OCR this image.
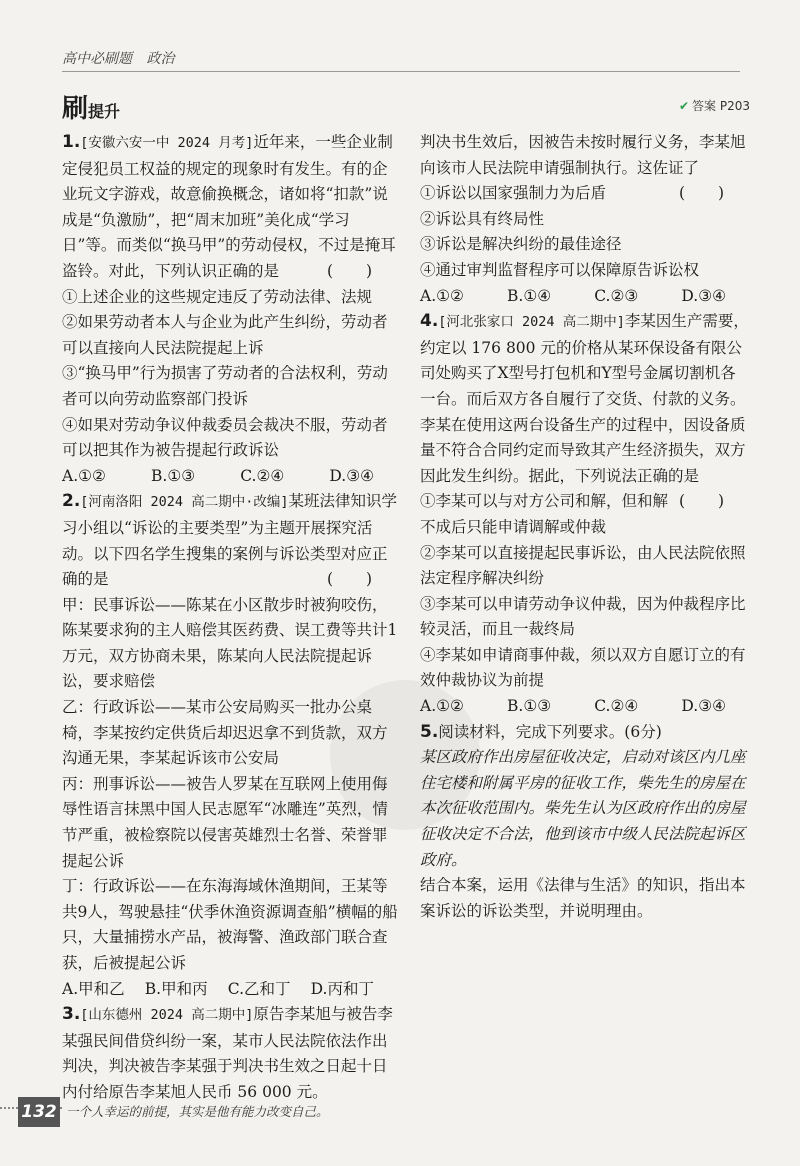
高中必刷题 政治
刷提升	✔ 答案 P203
1.[安徽六安一中 2024 月考]近年来，一些企业制定侵犯员工权益的规定的现象时有发生。有的企业玩文字游戏，故意偷换概念，诸如将“扣款”说成是“负激励”，把“周末加班”美化成“学习日”等。而类似“换马甲”的劳动侵权，不过是掩耳盗铃。对此，下列认识正确的是	( )
①上述企业的这些规定违反了劳动法律、法规
②如果劳动者本人与企业为此产生纠纷，劳动者可以直接向人民法院提起上诉
③“换马甲”行为损害了劳动者的合法权利，劳动者可以向劳动监察部门投诉
④如果对劳动争议仲裁委员会裁决不服，劳动者可以把其作为被告提起行政诉讼
A.①②	B.①③	C.②④	D.③④
2.[河南洛阳 2024 高二期中·改编]某班法律知识学习小组以“诉讼的主要类型”为主题开展探究活动。以下四名学生搜集的案例与诉讼类型对应正确的是	( )
甲：民事诉讼——陈某在小区散步时被狗咬伤，陈某要求狗的主人赔偿其医药费、误工费等共计1万元，双方协商未果，陈某向人民法院提起诉讼，要求赔偿
乙：行政诉讼——某市公安局购买一批办公桌椅，李某按约定供货后却迟迟拿不到货款，双方沟通无果，李某起诉该市公安局
丙：刑事诉讼——被告人罗某在互联网上使用侮辱性语言抹黑中国人民志愿军“冰雕连”英烈，情节严重，被检察院以侵害英雄烈士名誉、荣誉罪提起公诉
丁：行政诉讼——在东海海域休渔期间，王某等共9人，驾驶悬挂“伏季休渔资源调查船”横幅的船只，大量捕捞水产品，被海警、渔政部门联合查获，后被提起公诉
A.甲和乙 B.甲和丙 C.乙和丁 D.丙和丁
3.[山东德州 2024 高二期中]原告李某旭与被告李某强民间借贷纠纷一案，某市人民法院依法作出判决，判决被告李某强于判决书生效之日起十日内付给原告李某旭人民币 56 000 元。
判决书生效后，因被告未按时履行义务，李某旭向该市人民法院申请强制执行。这佐证了
( )
①诉讼以国家强制力为后盾
②诉讼具有终局性
③诉讼是解决纠纷的最佳途径
④通过审判监督程序可以保障原告诉讼权
A.①②	B.①④	C.②③	D.③④
4.[河北张家口 2024 高二期中]李某因生产需要，约定以 176 800 元的价格从某环保设备有限公司处购买了X型号打包机和Y型号金属切割机各一台。而后双方各自履行了交货、付款的义务。李某在使用这两台设备生产的过程中，因设备质量不符合合同约定而导致其产生经济损失，双方因此发生纠纷。据此，下列说法正确的是
( )
①李某可以与对方公司和解，但和解不成后只能申请调解或仲裁
②李某可以直接提起民事诉讼，由人民法院依照法定程序解决纠纷
③李某可以申请劳动争议仲裁，因为仲裁程序比较灵活，而且一裁终局
④李某如申请商事仲裁，须以双方自愿订立的有效仲裁协议为前提
A.①②	B.①③	C.②④	D.③④
5.阅读材料，完成下列要求。(6分)
某区政府作出房屋征收决定，启动对该区内几座住宅楼和附属平房的征收工作，柴先生的房屋在本次征收范围内。柴先生认为区政府作出的房屋征收决定不合法，他到该市中级人民法院起诉区政府。
结合本案，运用《法律与生活》的知识，指出本案诉讼的诉讼类型，并说明理由。
132 一个人幸运的前提，其实是他有能力改变自己。
